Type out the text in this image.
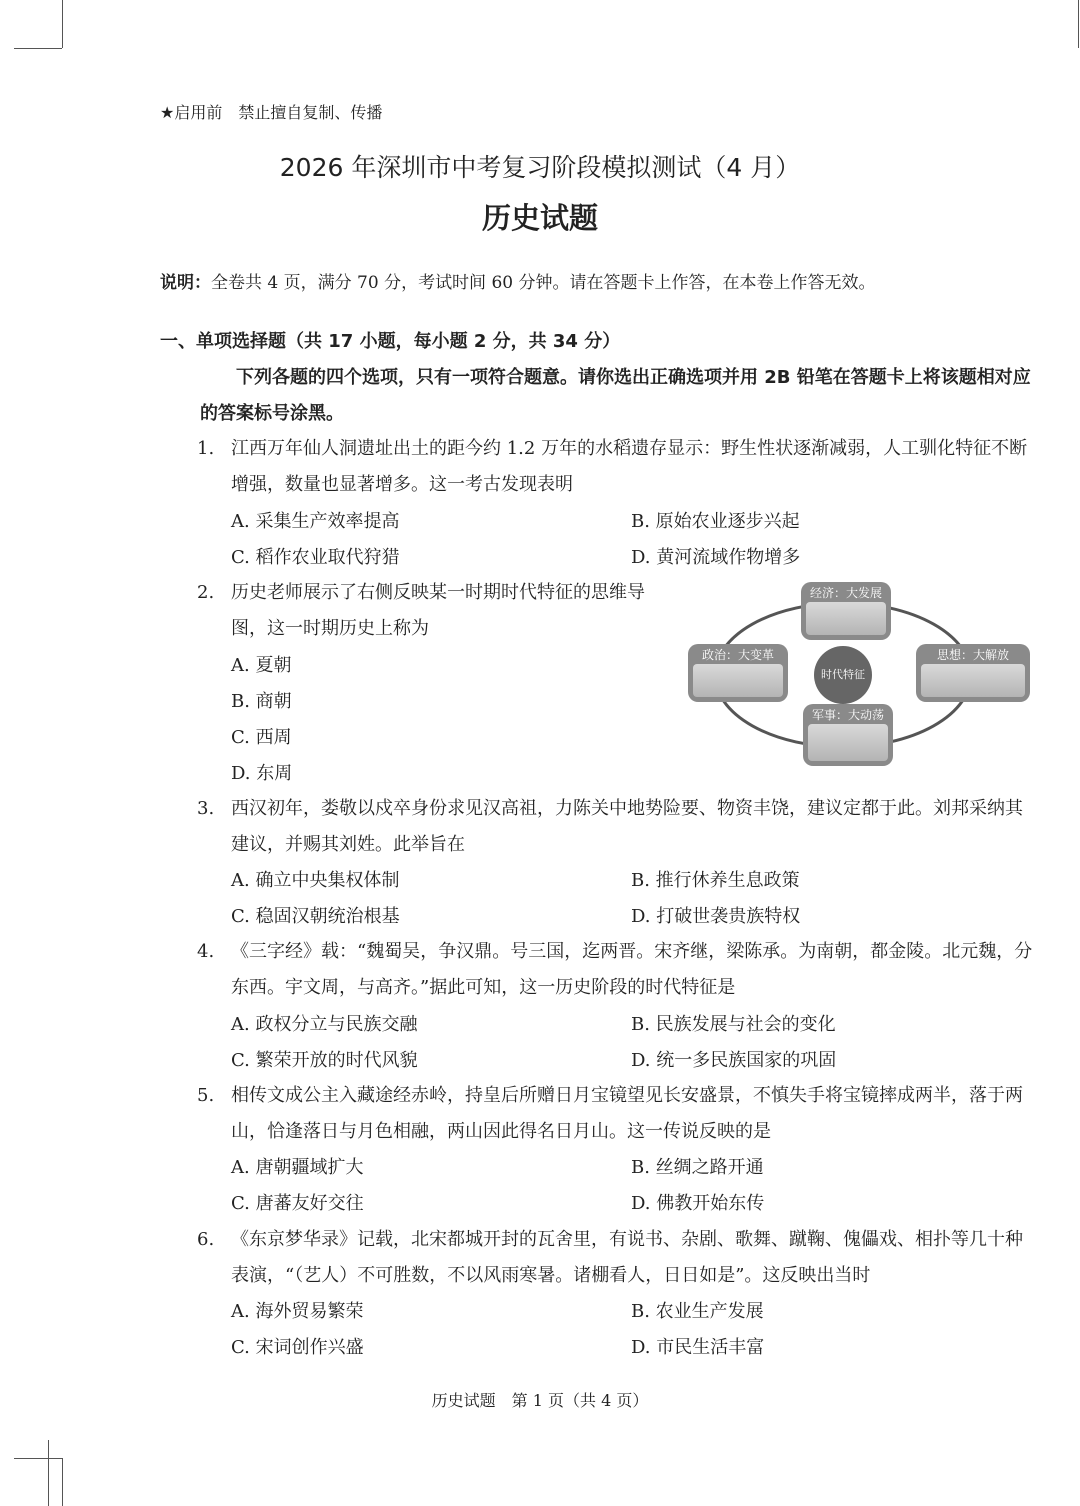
★启用前　禁止擅自复制、传播
2026 年深圳市中考复习阶段模拟测试（4 月）
历史试题
说明：全卷共 4 页，满分 70 分，考试时间 60 分钟。请在答题卡上作答，在本卷上作答无效。
一、单项选择题（共 17 小题，每小题 2 分，共 34 分）
下列各题的四个选项，只有一项符合题意。请你选出正确选项并用 2B 铅笔在答题卡上将该题相对应的答案标号涂黑。
1. 江西万年仙人洞遗址出土的距今约 1.2 万年的水稻遗存显示：野生性状逐渐减弱，人工驯化特征不断增强，数量也显著增多。这一考古发现表明
A. 采集生产效率提高	B. 原始农业逐步兴起
C. 稻作农业取代狩猎	D. 黄河流域作物增多
2. 历史老师展示了右侧反映某一时期时代特征的思维导图，这一时期历史上称为
A. 夏朝
B. 商朝
C. 西周
D. 东周
经济：大发展
政治：大变革	思想：大解放
军事：大动荡
时代特征
3. 西汉初年，娄敬以戍卒身份求见汉高祖，力陈关中地势险要、物资丰饶，建议定都于此。刘邦采纳其建议，并赐其刘姓。此举旨在
A. 确立中央集权体制	B. 推行休养生息政策
C. 稳固汉朝统治根基	D. 打破世袭贵族特权
4. 《三字经》载：“魏蜀吴，争汉鼎。号三国，迄两晋。宋齐继，梁陈承。为南朝，都金陵。北元魏，分东西。宇文周，与高齐。”据此可知，这一历史阶段的时代特征是
A. 政权分立与民族交融	B. 民族发展与社会的变化
C. 繁荣开放的时代风貌	D. 统一多民族国家的巩固
5. 相传文成公主入藏途经赤岭，持皇后所赠日月宝镜望见长安盛景，不慎失手将宝镜摔成两半，落于两山，恰逢落日与月色相融，两山因此得名日月山。这一传说反映的是
A. 唐朝疆域扩大	B. 丝绸之路开通
C. 唐蕃友好交往	D. 佛教开始东传
6. 《东京梦华录》记载，北宋都城开封的瓦舍里，有说书、杂剧、歌舞、蹴鞠、傀儡戏、相扑等几十种表演，“（艺人）不可胜数，不以风雨寒暑。诸棚看人，日日如是”。这反映出当时
A. 海外贸易繁荣	B. 农业生产发展
C. 宋词创作兴盛	D. 市民生活丰富
历史试题　第 1 页（共 4 页）
